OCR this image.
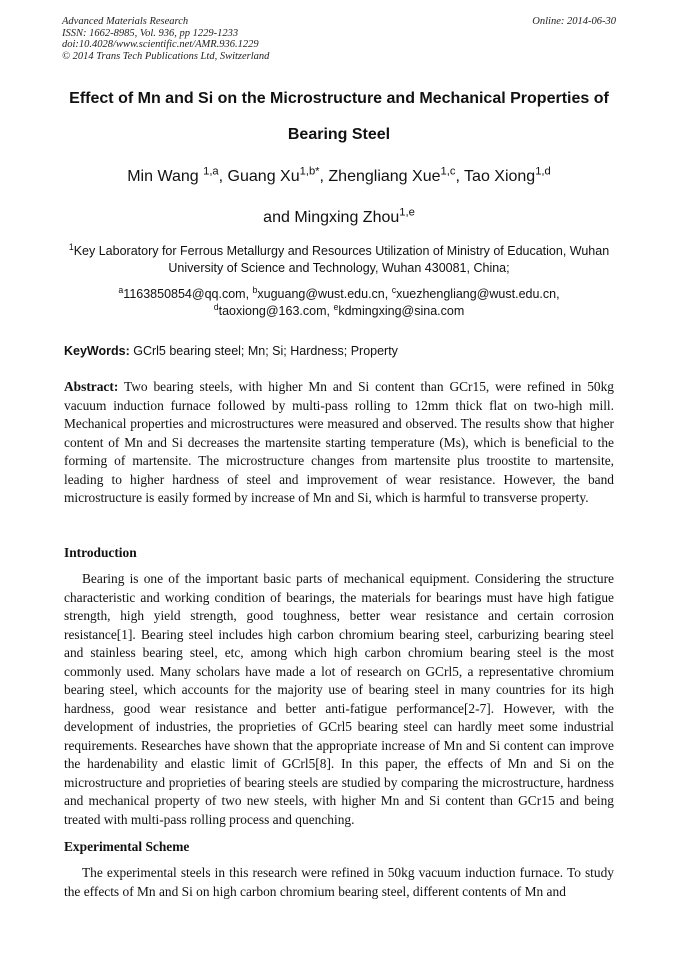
Advanced Materials Research
ISSN: 1662-8985, Vol. 936, pp 1229-1233
doi:10.4028/www.scientific.net/AMR.936.1229
© 2014 Trans Tech Publications Ltd, Switzerland
Online: 2014-06-30
Effect of Mn and Si on the Microstructure and Mechanical Properties of
Bearing Steel
Min Wang $^{1,a}$, Guang $Xu^{1,b*}$, Zhengliang Xue$^{1,c}$, Tao Xiong$^{1,d}$
and Mingxing Zhou$^{1,e}$
$^1$Key Laboratory for Ferrous Metallurgy and Resources Utilization of Ministry of Education, Wuhan
University of Science and Technology, Wuhan 430081, China;
$^a$1163850854@qq.com, $^b$xuguang@wust.edu.cn, $^c$xuezhengliang@wust.edu.cn,
$^d$taoxiong@163.com, $^e$kdmingxing@sina.com
KeyWords: GCrl5 bearing steel; Mn; Si; Hardness; Property
Abstract: Two bearing steels, with higher Mn and Si content than GCr15, were refined in 50kg vacuum induction furnace followed by multi-pass rolling to 12mm thick flat on two-high mill. Mechanical properties and microstructures were measured and observed. The results show that higher content of Mn and Si decreases the martensite starting temperature (Ms), which is beneficial to the forming of martensite. The microstructure changes from martensite plus troostite to martensite, leading to higher hardness of steel and improvement of wear resistance. However, the band microstructure is easily formed by increase of Mn and Si, which is harmful to transverse property.
Introduction
Bearing is one of the important basic parts of mechanical equipment. Considering the structure characteristic and working condition of bearings, the materials for bearings must have high fatigue strength, high yield strength, good toughness, better wear resistance and certain corrosion resistance[1]. Bearing steel includes high carbon chromium bearing steel, carburizing bearing steel and stainless bearing steel, etc, among which high carbon chromium bearing steel is the most commonly used. Many scholars have made a lot of research on GCrl5, a representative chromium bearing steel, which accounts for the majority use of bearing steel in many countries for its high hardness, good wear resistance and better anti-fatigue performance[2-7]. However, with the development of industries, the proprieties of GCrl5 bearing steel can hardly meet some industrial requirements. Researches have shown that the appropriate increase of Mn and Si content can improve the hardenability and elastic limit of GCrl5[8]. In this paper, the effects of Mn and Si on the microstructure and proprieties of bearing steels are studied by comparing the microstructure, hardness and mechanical property of two new steels, with higher Mn and Si content than GCr15 and being treated with multi-pass rolling process and quenching.
Experimental Scheme
The experimental steels in this research were refined in 50kg vacuum induction furnace. To study the effects of Mn and Si on high carbon chromium bearing steel, different contents of Mn and
